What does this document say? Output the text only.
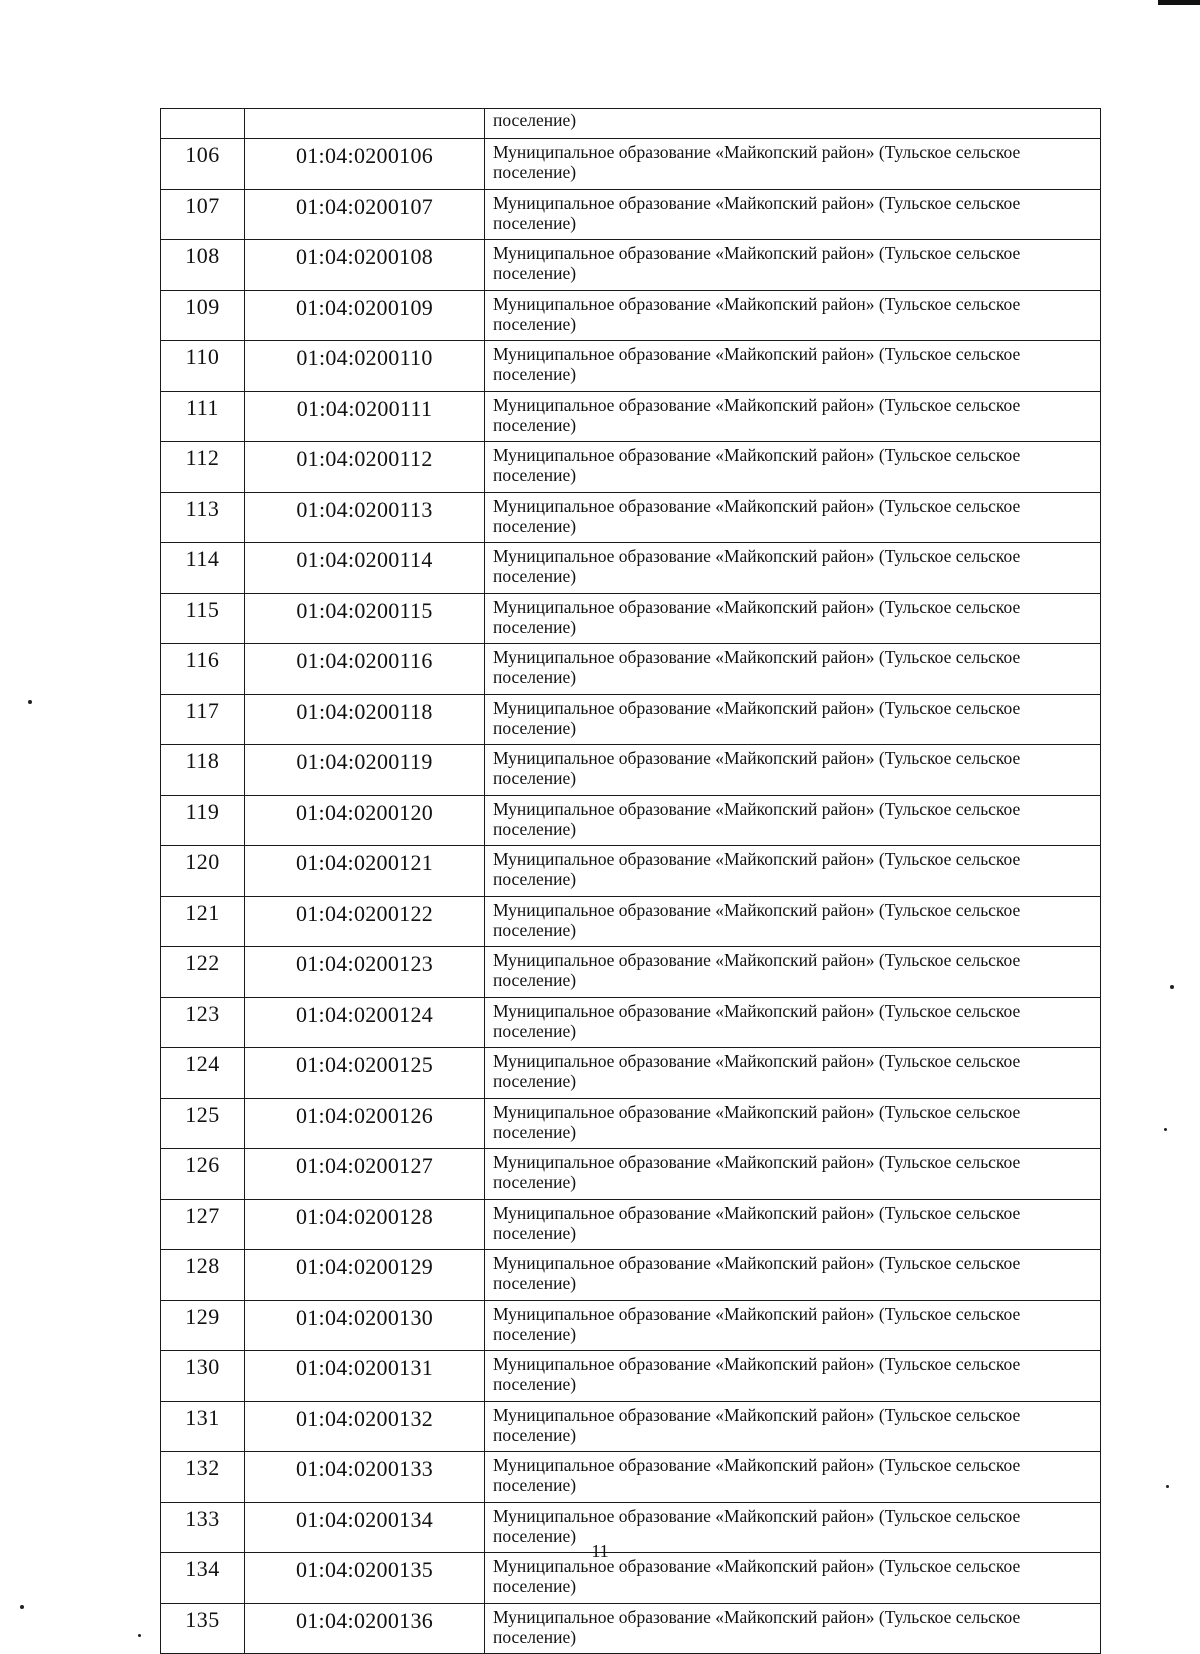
		поселение)
106	01:04:0200106	Муниципальное образование «Майкопский район» (Тульское сельское поселение)
107	01:04:0200107	Муниципальное образование «Майкопский район» (Тульское сельское поселение)
108	01:04:0200108	Муниципальное образование «Майкопский район» (Тульское сельское поселение)
109	01:04:0200109	Муниципальное образование «Майкопский район» (Тульское сельское поселение)
110	01:04:0200110	Муниципальное образование «Майкопский район» (Тульское сельское поселение)
111	01:04:0200111	Муниципальное образование «Майкопский район» (Тульское сельское поселение)
112	01:04:0200112	Муниципальное образование «Майкопский район» (Тульское сельское поселение)
113	01:04:0200113	Муниципальное образование «Майкопский район» (Тульское сельское поселение)
114	01:04:0200114	Муниципальное образование «Майкопский район» (Тульское сельское поселение)
115	01:04:0200115	Муниципальное образование «Майкопский район» (Тульское сельское поселение)
116	01:04:0200116	Муниципальное образование «Майкопский район» (Тульское сельское поселение)
117	01:04:0200118	Муниципальное образование «Майкопский район» (Тульское сельское поселение)
118	01:04:0200119	Муниципальное образование «Майкопский район» (Тульское сельское поселение)
119	01:04:0200120	Муниципальное образование «Майкопский район» (Тульское сельское поселение)
120	01:04:0200121	Муниципальное образование «Майкопский район» (Тульское сельское поселение)
121	01:04:0200122	Муниципальное образование «Майкопский район» (Тульское сельское поселение)
122	01:04:0200123	Муниципальное образование «Майкопский район» (Тульское сельское поселение)
123	01:04:0200124	Муниципальное образование «Майкопский район» (Тульское сельское поселение)
124	01:04:0200125	Муниципальное образование «Майкопский район» (Тульское сельское поселение)
125	01:04:0200126	Муниципальное образование «Майкопский район» (Тульское сельское поселение)
126	01:04:0200127	Муниципальное образование «Майкопский район» (Тульское сельское поселение)
127	01:04:0200128	Муниципальное образование «Майкопский район» (Тульское сельское поселение)
128	01:04:0200129	Муниципальное образование «Майкопский район» (Тульское сельское поселение)
129	01:04:0200130	Муниципальное образование «Майкопский район» (Тульское сельское поселение)
130	01:04:0200131	Муниципальное образование «Майкопский район» (Тульское сельское поселение)
131	01:04:0200132	Муниципальное образование «Майкопский район» (Тульское сельское поселение)
132	01:04:0200133	Муниципальное образование «Майкопский район» (Тульское сельское поселение)
133	01:04:0200134	Муниципальное образование «Майкопский район» (Тульское сельское поселение)
134	01:04:0200135	Муниципальное образование «Майкопский район» (Тульское сельское поселение)
135	01:04:0200136	Муниципальное образование «Майкопский район» (Тульское сельское поселение)
11
